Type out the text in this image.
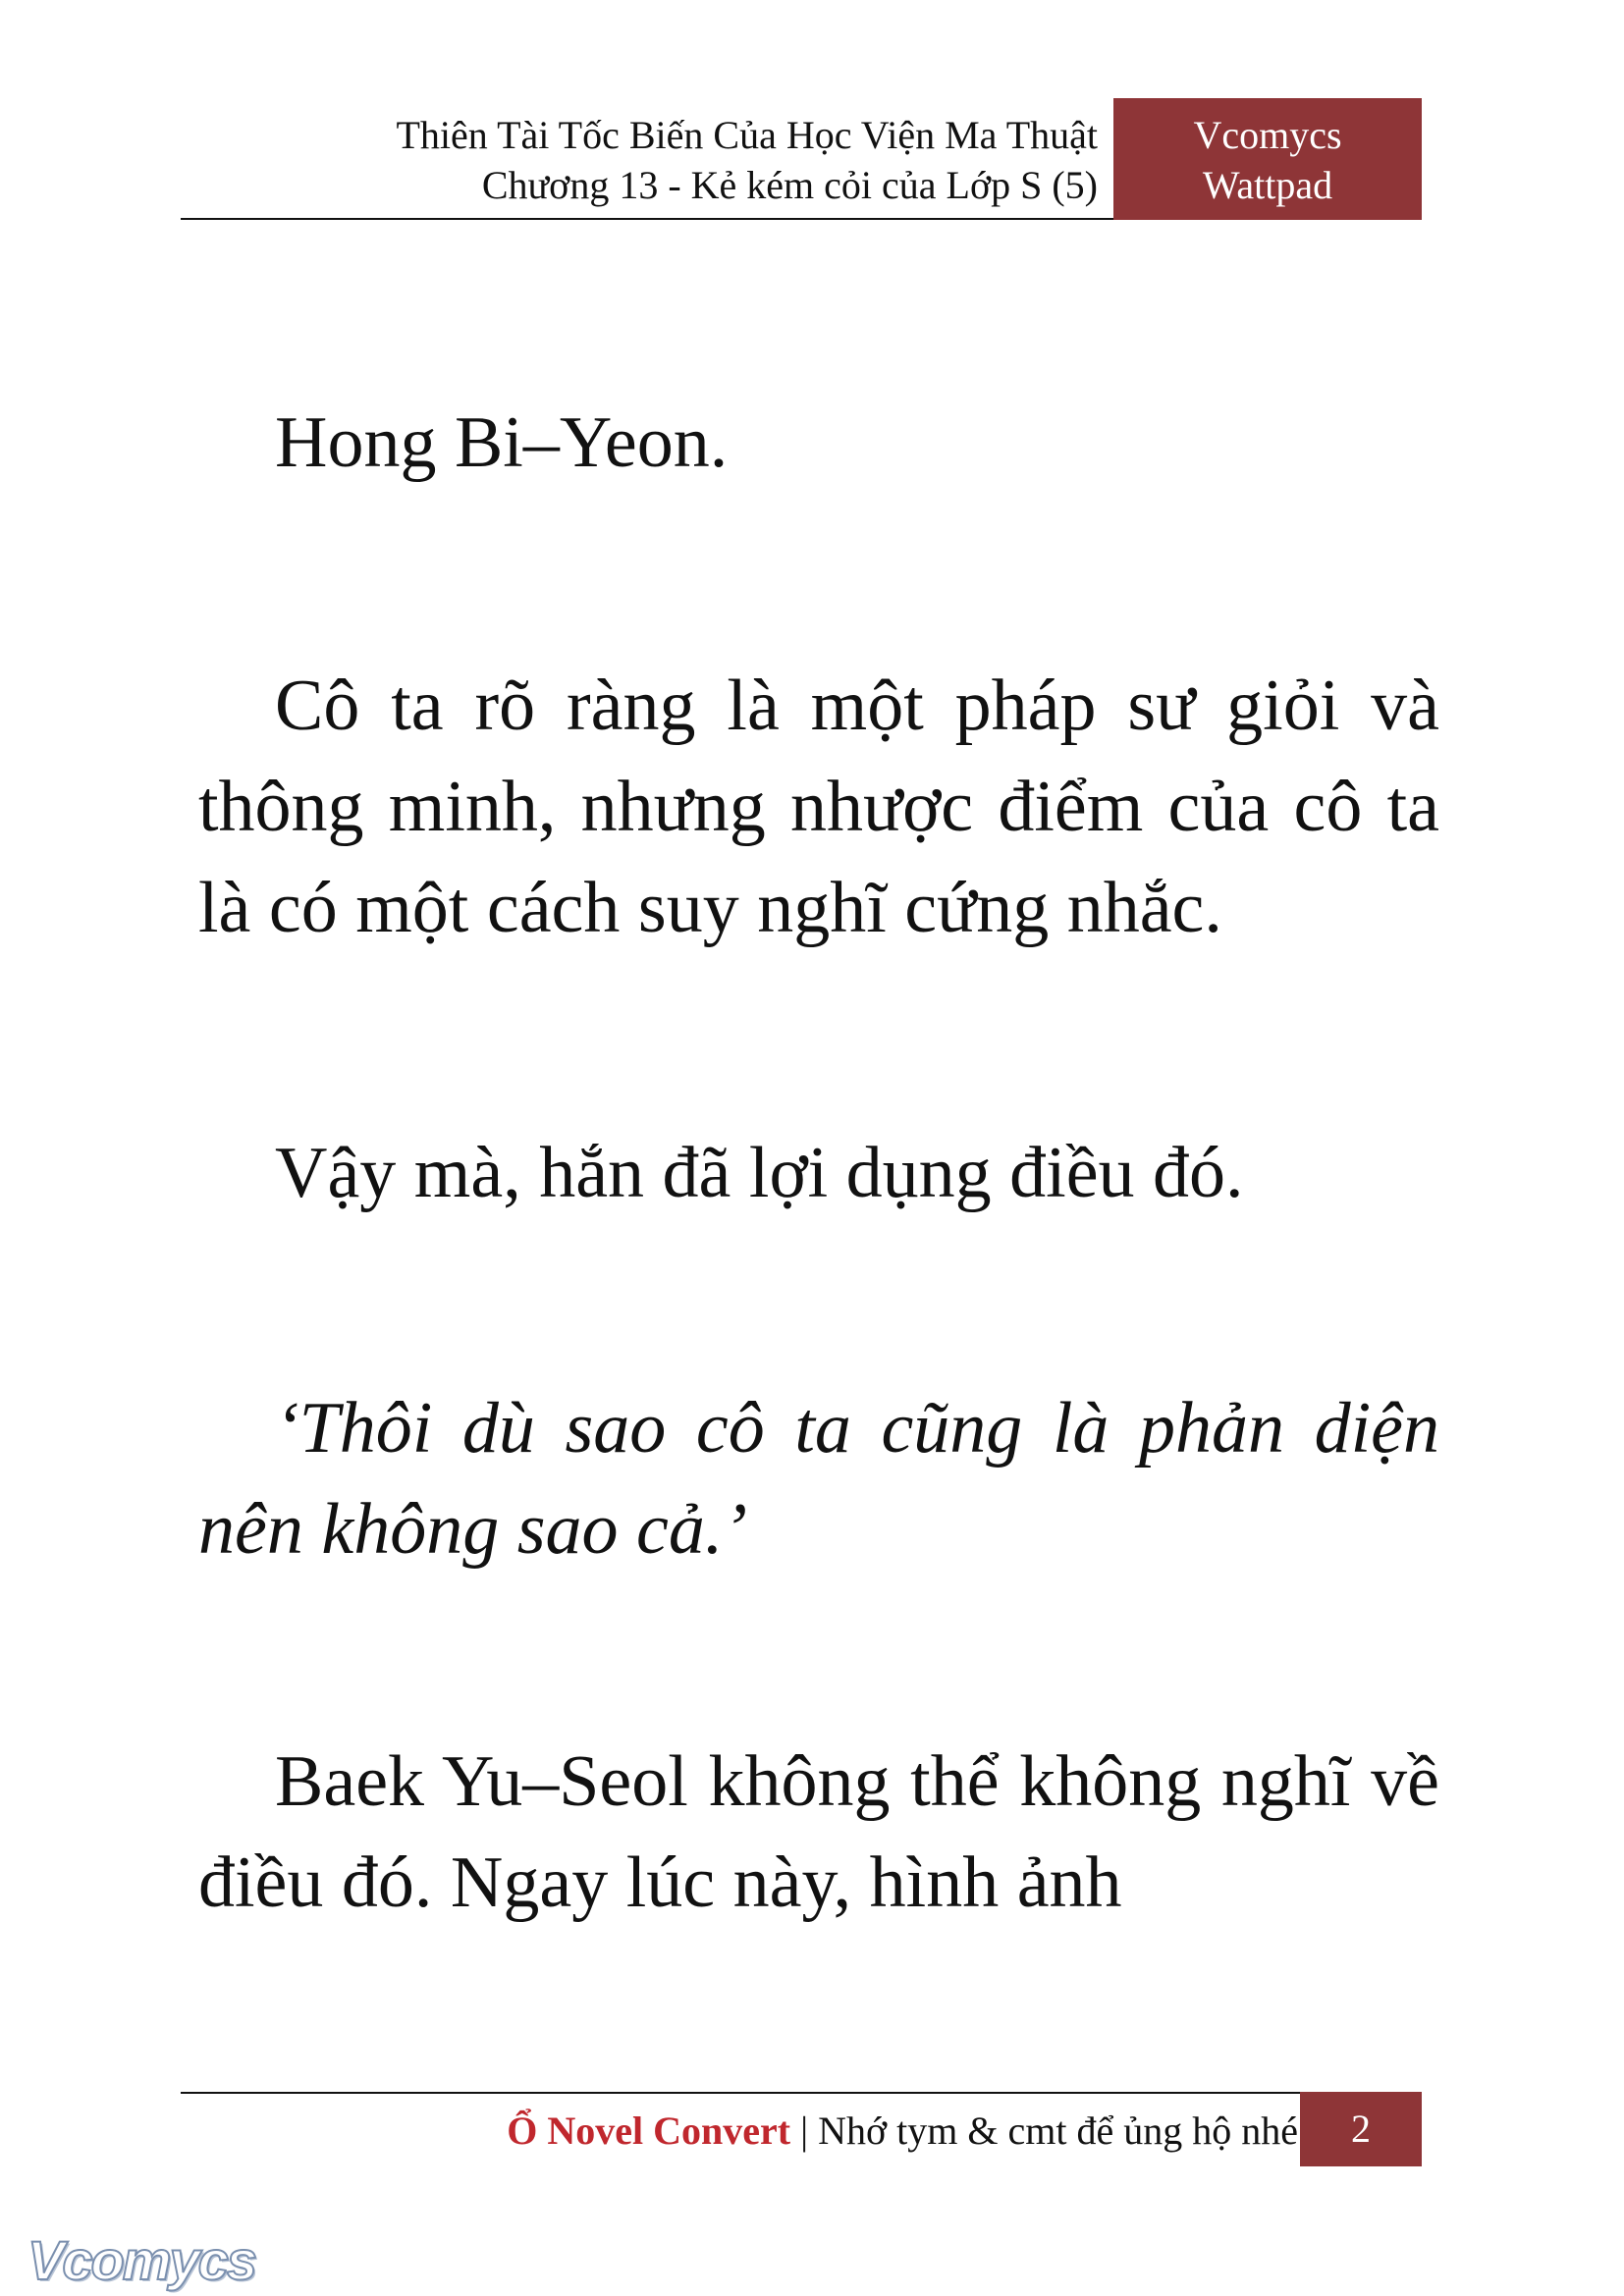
Thiên Tài Tốc Biến Của Học Viện Ma Thuật
Chương 13 - Kẻ kém cỏi của Lớp S (5)
Vcomycs
Wattpad

Hong Bi–Yeon.

Cô ta rõ ràng là một pháp sư giỏi và thông minh, nhưng nhược điểm của cô ta là có một cách suy nghĩ cứng nhắc.

Vậy mà, hắn đã lợi dụng điều đó.

‘Thôi dù sao cô ta cũng là phản diện nên không sao cả.’

Baek Yu–Seol không thể không nghĩ về điều đó. Ngay lúc này, hình ảnh

Ổ Novel Convert | Nhớ tym & cmt để ủng hộ nhé	2
Vcomycs
